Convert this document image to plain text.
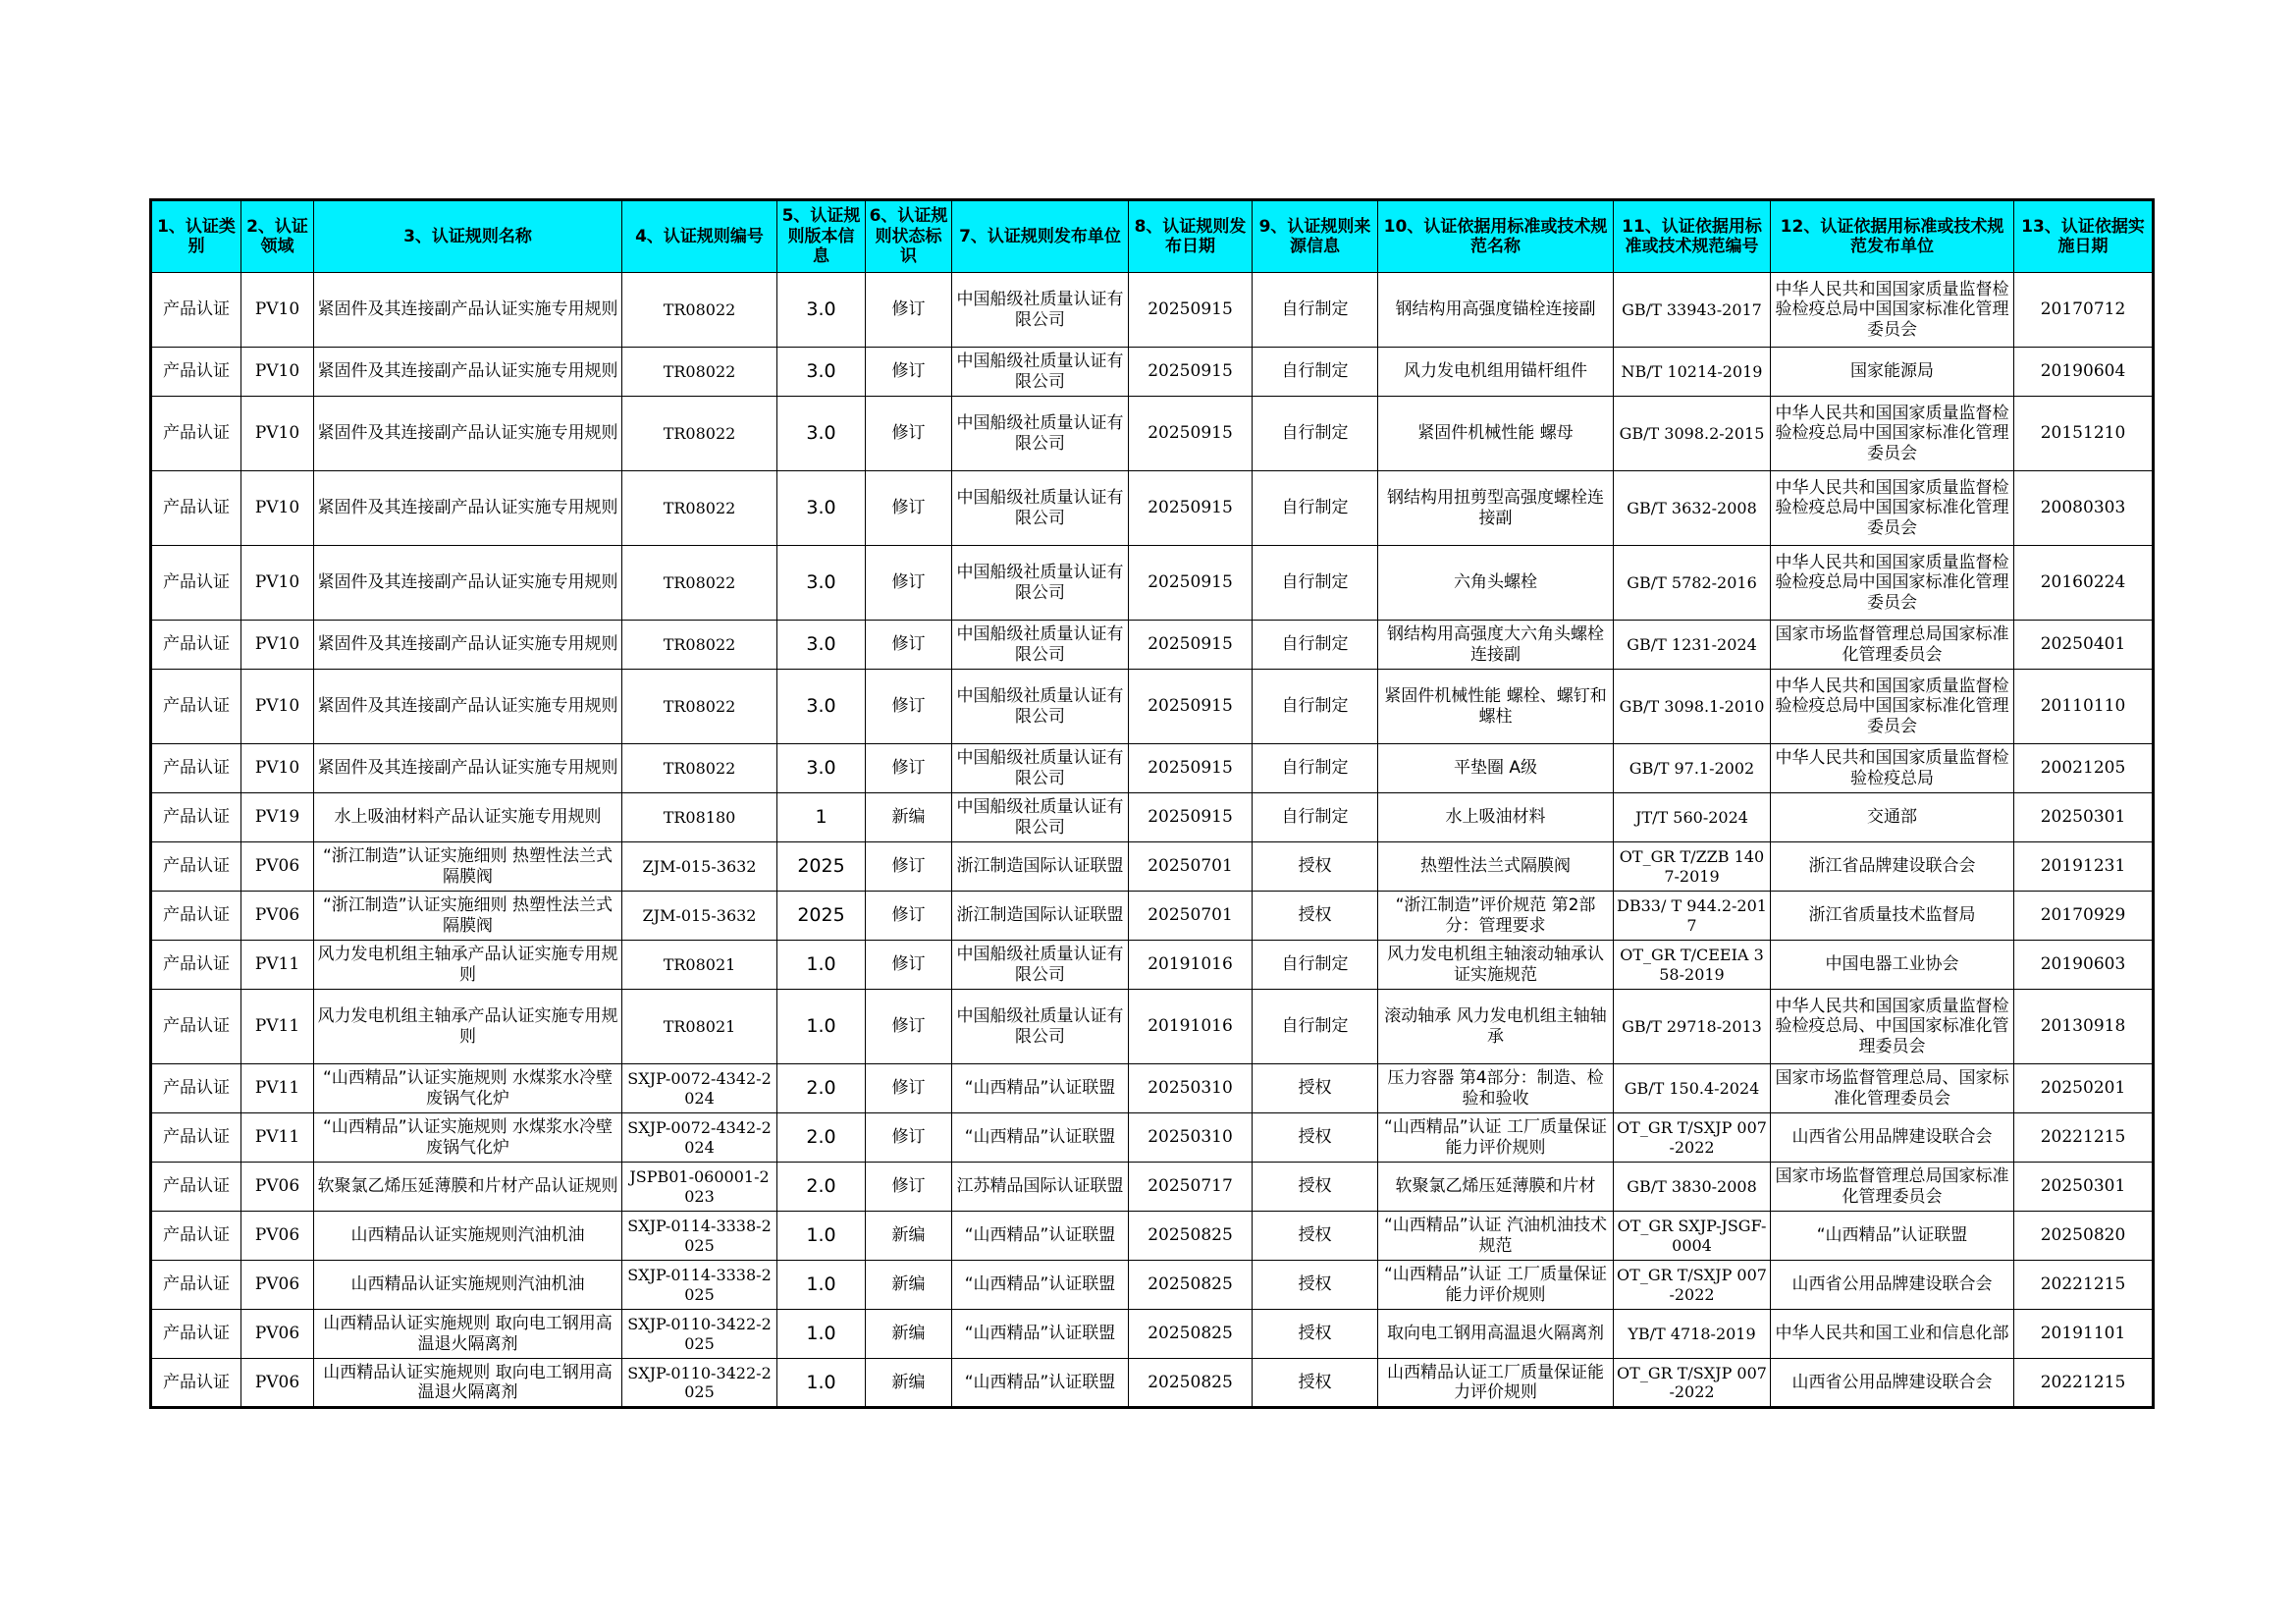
1、认证类别	2、认证领域	3、认证规则名称	4、认证规则编号	5、认证规则版本信息	6、认证规则状态标识	7、认证规则发布单位	8、认证规则发布日期	9、认证规则来源信息	10、认证依据用标准或技术规范名称	11、认证依据用标准或技术规范编号	12、认证依据用标准或技术规范发布单位	13、认证依据实施日期
产品认证	PV10	紧固件及其连接副产品认证实施专用规则	TR08022	3.0	修订	中国船级社质量认证有限公司	20250915	自行制定	钢结构用高强度锚栓连接副	GB/T 33943-2017	中华人民共和国国家质量监督检验检疫总局中国国家标准化管理委员会	20170712
产品认证	PV10	紧固件及其连接副产品认证实施专用规则	TR08022	3.0	修订	中国船级社质量认证有限公司	20250915	自行制定	风力发电机组用锚杆组件	NB/T 10214-2019	国家能源局	20190604
产品认证	PV10	紧固件及其连接副产品认证实施专用规则	TR08022	3.0	修订	中国船级社质量认证有限公司	20250915	自行制定	紧固件机械性能 螺母	GB/T 3098.2-2015	中华人民共和国国家质量监督检验检疫总局中国国家标准化管理委员会	20151210
产品认证	PV10	紧固件及其连接副产品认证实施专用规则	TR08022	3.0	修订	中国船级社质量认证有限公司	20250915	自行制定	钢结构用扭剪型高强度螺栓连接副	GB/T 3632-2008	中华人民共和国国家质量监督检验检疫总局中国国家标准化管理委员会	20080303
产品认证	PV10	紧固件及其连接副产品认证实施专用规则	TR08022	3.0	修订	中国船级社质量认证有限公司	20250915	自行制定	六角头螺栓	GB/T 5782-2016	中华人民共和国国家质量监督检验检疫总局中国国家标准化管理委员会	20160224
产品认证	PV10	紧固件及其连接副产品认证实施专用规则	TR08022	3.0	修订	中国船级社质量认证有限公司	20250915	自行制定	钢结构用高强度大六角头螺栓连接副	GB/T 1231-2024	国家市场监督管理总局国家标准化管理委员会	20250401
产品认证	PV10	紧固件及其连接副产品认证实施专用规则	TR08022	3.0	修订	中国船级社质量认证有限公司	20250915	自行制定	紧固件机械性能 螺栓、螺钉和螺柱	GB/T 3098.1-2010	中华人民共和国国家质量监督检验检疫总局中国国家标准化管理委员会	20110110
产品认证	PV10	紧固件及其连接副产品认证实施专用规则	TR08022	3.0	修订	中国船级社质量认证有限公司	20250915	自行制定	平垫圈 A级	GB/T 97.1-2002	中华人民共和国国家质量监督检验检疫总局	20021205
产品认证	PV19	水上吸油材料产品认证实施专用规则	TR08180	1	新编	中国船级社质量认证有限公司	20250915	自行制定	水上吸油材料	JT/T 560-2024	交通部	20250301
产品认证	PV06	“浙江制造”认证实施细则 热塑性法兰式隔膜阀	ZJM-015-3632	2025	修订	浙江制造国际认证联盟	20250701	授权	热塑性法兰式隔膜阀	OT_GR T/ZZB 1407-2019	浙江省品牌建设联合会	20191231
产品认证	PV06	“浙江制造”认证实施细则 热塑性法兰式隔膜阀	ZJM-015-3632	2025	修订	浙江制造国际认证联盟	20250701	授权	“浙江制造”评价规范 第2部分：管理要求	DB33/ T 944.2-2017	浙江省质量技术监督局	20170929
产品认证	PV11	风力发电机组主轴承产品认证实施专用规则	TR08021	1.0	修订	中国船级社质量认证有限公司	20191016	自行制定	风力发电机组主轴滚动轴承认证实施规范	OT_GR T/CEEIA 358-2019	中国电器工业协会	20190603
产品认证	PV11	风力发电机组主轴承产品认证实施专用规则	TR08021	1.0	修订	中国船级社质量认证有限公司	20191016	自行制定	滚动轴承 风力发电机组主轴轴承	GB/T 29718-2013	中华人民共和国国家质量监督检验检疫总局、中国国家标准化管理委员会	20130918
产品认证	PV11	“山西精品”认证实施规则 水煤浆水冷壁废锅气化炉	SXJP-0072-4342-2024	2.0	修订	“山西精品”认证联盟	20250310	授权	压力容器 第4部分：制造、检验和验收	GB/T 150.4-2024	国家市场监督管理总局、国家标准化管理委员会	20250201
产品认证	PV11	“山西精品”认证实施规则 水煤浆水冷壁废锅气化炉	SXJP-0072-4342-2024	2.0	修订	“山西精品”认证联盟	20250310	授权	“山西精品”认证 工厂质量保证能力评价规则	OT_GR T/SXJP 007-2022	山西省公用品牌建设联合会	20221215
产品认证	PV06	软聚氯乙烯压延薄膜和片材产品认证规则	JSPB01-060001-2023	2.0	修订	江苏精品国际认证联盟	20250717	授权	软聚氯乙烯压延薄膜和片材	GB/T 3830-2008	国家市场监督管理总局国家标准化管理委员会	20250301
产品认证	PV06	山西精品认证实施规则汽油机油	SXJP-0114-3338-2025	1.0	新编	“山西精品”认证联盟	20250825	授权	“山西精品”认证 汽油机油技术规范	OT_GR SXJP-JSGF-0004	“山西精品”认证联盟	20250820
产品认证	PV06	山西精品认证实施规则汽油机油	SXJP-0114-3338-2025	1.0	新编	“山西精品”认证联盟	20250825	授权	“山西精品”认证 工厂质量保证能力评价规则	OT_GR T/SXJP 007-2022	山西省公用品牌建设联合会	20221215
产品认证	PV06	山西精品认证实施规则 取向电工钢用高温退火隔离剂	SXJP-0110-3422-2025	1.0	新编	“山西精品”认证联盟	20250825	授权	取向电工钢用高温退火隔离剂	YB/T 4718-2019	中华人民共和国工业和信息化部	20191101
产品认证	PV06	山西精品认证实施规则 取向电工钢用高温退火隔离剂	SXJP-0110-3422-2025	1.0	新编	“山西精品”认证联盟	20250825	授权	山西精品认证工厂质量保证能力评价规则	OT_GR T/SXJP 007-2022	山西省公用品牌建设联合会	20221215
